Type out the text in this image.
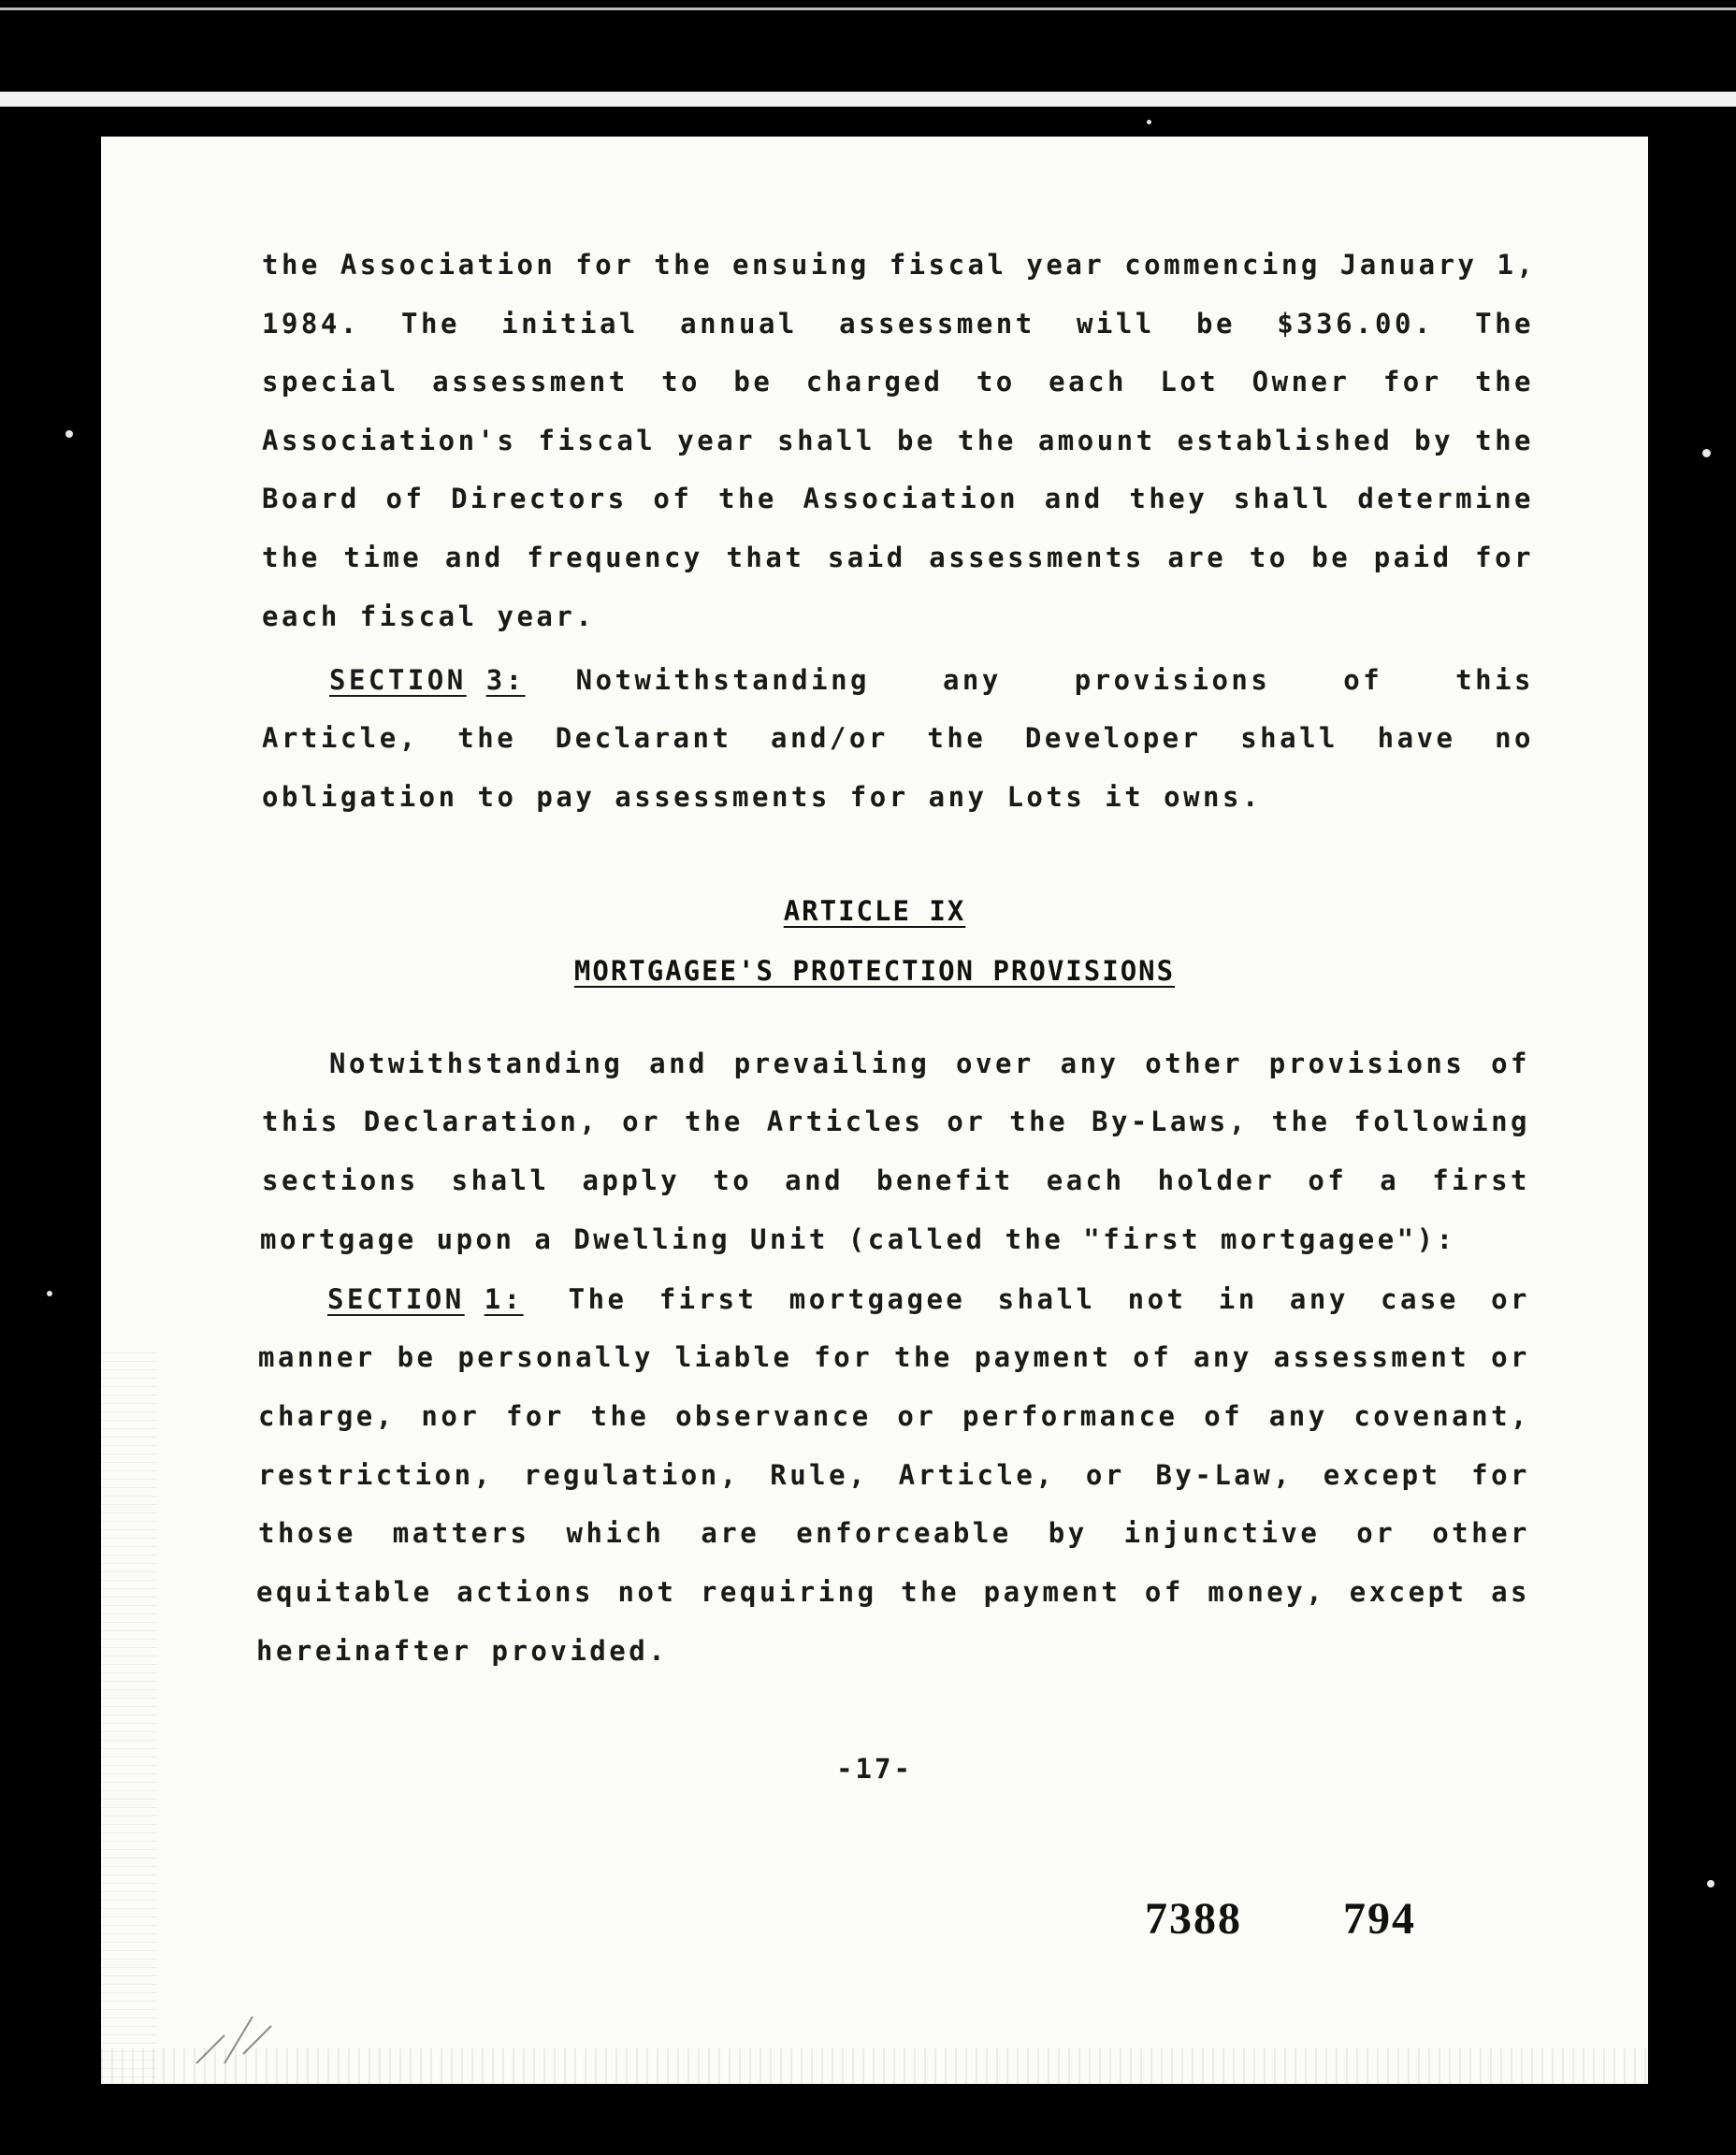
the Association for the ensuing fiscal year commencing January 1,
1984. The initial annual assessment will be $336.00. The
special assessment to be charged to each Lot Owner for the
Association's fiscal year shall be the amount established by the
Board of Directors of the Association and they shall determine
the time and frequency that said assessments are to be paid for
each fiscal year.
SECTION 3: Notwithstanding any provisions of this
Article, the Declarant and/or the Developer shall have no
obligation to pay assessments for any Lots it owns.
ARTICLE IX
MORTGAGEE'S PROTECTION PROVISIONS
Notwithstanding and prevailing over any other provisions of
this Declaration, or the Articles or the By-Laws, the following
sections shall apply to and benefit each holder of a first
mortgage upon a Dwelling Unit (called the "first mortgagee"):
SECTION 1: The first mortgagee shall not in any case or
manner be personally liable for the payment of any assessment or
charge, nor for the observance or performance of any covenant,
restriction, regulation, Rule, Article, or By-Law, except for
those matters which are enforceable by injunctive or other
equitable actions not requiring the payment of money, except as
hereinafter provided.
-17-
7388 794
